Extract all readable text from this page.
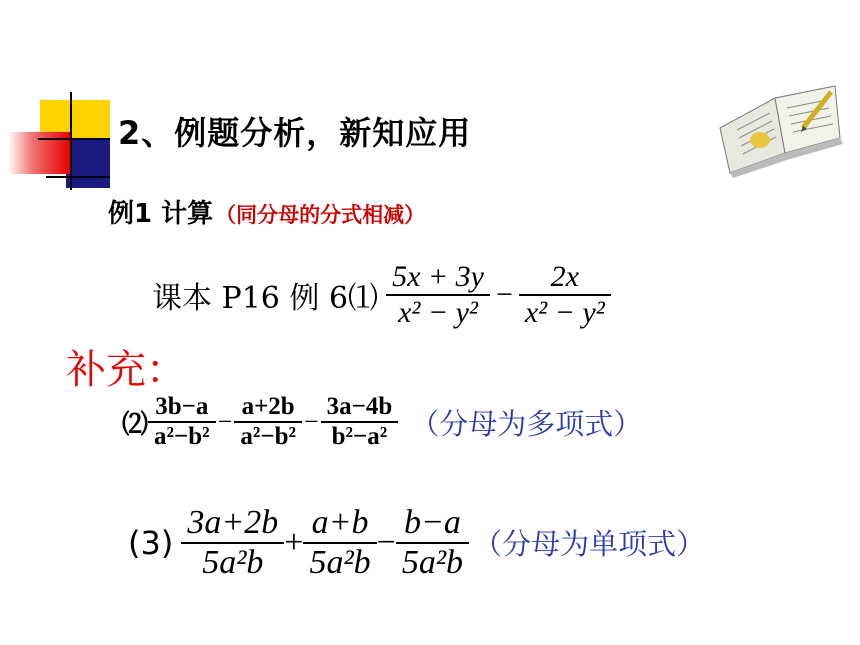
2、例题分析，新知应用
例1 计算（同分母的分式相减）
课本 P16 例 6⑴ $\frac{5x + 3y}{\text{x² − y²}} - \frac{2x}{\text{x² − y²}}$
补充：
⑵ $\frac{3b-a}{\text{a²−b²}} - \frac{a+2b}{\text{a²−b²}} - \frac{3a-4b}{\text{b²−a²}}$ （分母为多项式）
$(3) \frac{3a+2b}{\text{5a²b}} + \frac{a+b}{\text{5a²b}} - \frac{b-a}{\text{5a²b}}$ （分母为单项式）
